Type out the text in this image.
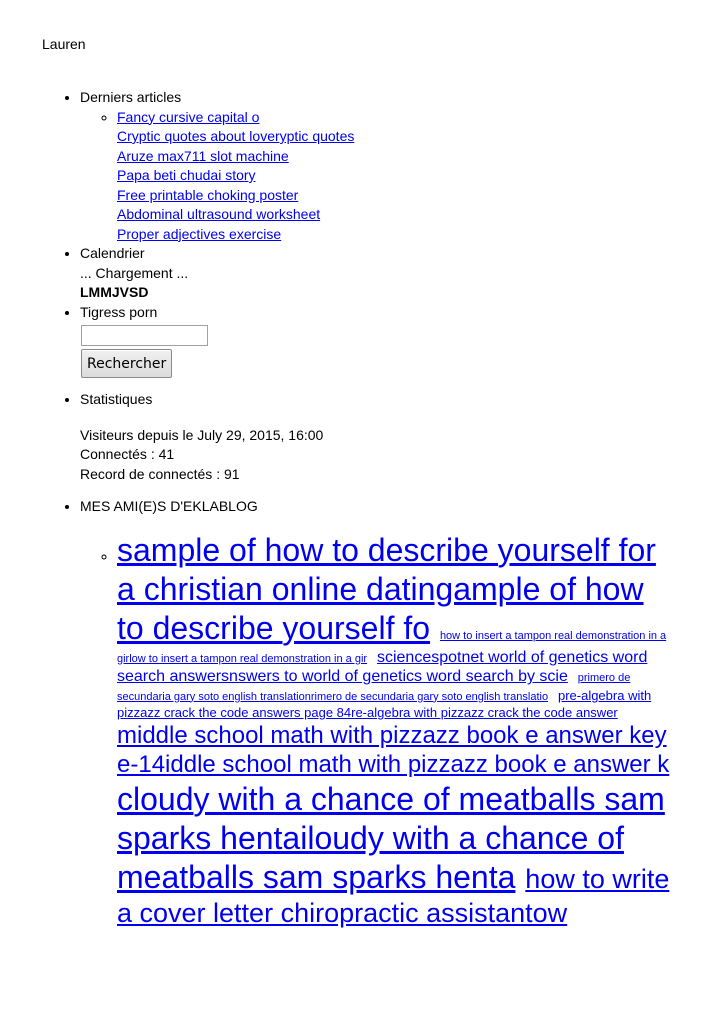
Lauren
• Derniers articles
◦ Fancy cursive capital o
Cryptic quotes about loveryptic quotes
Aruze max711 slot machine
Papa beti chudai story
Free printable choking poster
Abdominal ultrasound worksheet
Proper adjectives exercise
• Calendrier
... Chargement ...
LMMJVSD
• Tigress porn
Rechercher
• Statistiques
Visiteurs depuis le July 29, 2015, 16:00
Connectés : 41
Record de connectés : 91
• MES AMI(E)S D'EKLABLOG
◦ sample of how to describe yourself for a christian online datingample of how to describe yourself fo how to insert a tampon real demonstration in a girlow to insert a tampon real demonstration in a gir sciencespotnet world of genetics word search answersnswers to world of genetics word search by scie primero de secundaria gary soto english translationrimero de secundaria gary soto english translatio pre-algebra with pizzazz crack the code answers page 84re-algebra with pizzazz crack the code answer middle school math with pizzazz book e answer key e-14iddle school math with pizzazz book e answer k cloudy with a chance of meatballs sam sparks hentailoudy with a chance of meatballs sam sparks henta how to write a cover letter chiropractic assistantow
